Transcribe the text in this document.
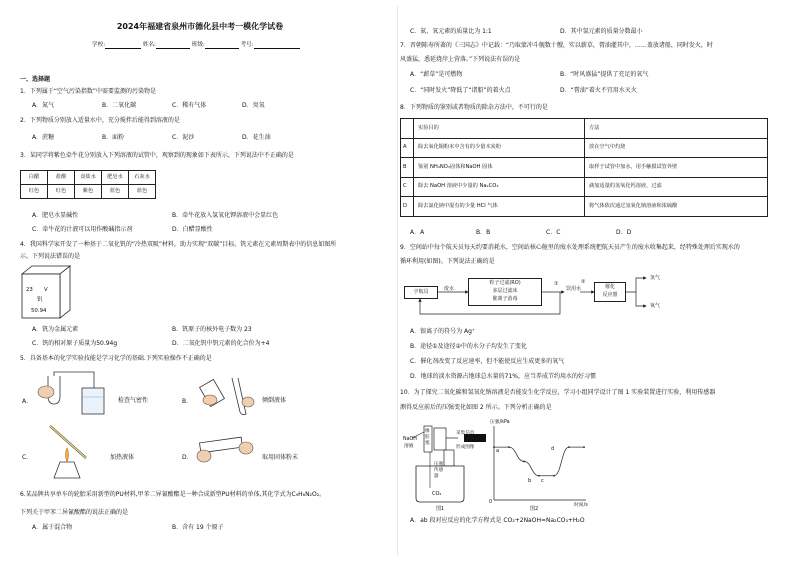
2024年福建省泉州市德化县中考一模化学试卷
学校:	姓名:	班级:	考号:
一、选择题
1．下列属于“空气污染指数”中需要监测的污染物是
A．氮气	B．二氧化碳	C．稀有气体	D．臭氧
2．下列物质分别放入适量水中，充分搅拌后能得到溶液的是
A．蔗糖	B．面粉	C．泥沙	D．花生油
3．某同学将紫色牵牛花分别放入下列溶液的试管中，观察到的现象如下表所示，下列说法中不正确的是
白醋	盐酸	食盐水	肥皂水	石灰水
红色	红色	紫色	蓝色	蓝色
A．肥皂水显碱性	B．牵牛花放入氢氧化钾溶液中会显红色
C．牵牛花的汁液可以用作酸碱指示剂	D．白醋显酸性
4．我国科学家开发了一种基于二氧化钒的“冷热双吸”材料，助力实现“双碳”目标。钒元素在元素周期表中的信息如图所
示。下列说法错误的是
23 V
钒
50.94
A．钒为金属元素	B．钒原子的核外电子数为 23
C．钒的相对原子质量为50.94g	D．二氧化钒中钒元素的化合价为+4
5．具备基本的化学实验技能是学习化学的基础.下列实验操作不正确的是
A．	检查气密性	B．	倾倒液体
C．	加热液体	D．	取用固体粉末
6.某品牌共享单车的轮胎采用新型的PU材料,甲苯二异氰酸酯是一种合成新型PU材料的单体,其化学式为C₉H₆N₂O₂。
下列关于甲苯二异氰酸酯的说法正确的是
A．属于混合物	B．含有 19 个原子
C．氮、氧元素的质量比为 1:1	D．其中氢元素的质量分数最小
7．晋朝陈寿所著的《三国志》中记载：“乃取蒙冲斗舰数十艘，实以薪草，膏油灌其中，……盖放诸船，同时发火，时
风盛猛，悉延烧岸上营落。”下列说法有误的是
A．“薪草”是可燃物	B．“时风盛猛”提供了充足的氧气
C．“同时发火”降低了“诸船”的着火点	D．“膏油”着火不宜用水灭火
8．下列物质的鉴别或者物质的除杂方法中，不可行的是
	实验目的	方法
A	除去氧化铜粉末中含有的少量木炭粉	放在空气中灼烧
B	鉴别 NH₄NO₃固体和NaOH 固体	取样于试管中加水，用手触摸试管外壁
C	除去 NaOH 溶液中少量的 Na₂CO₃	滴加适量的氢氧化钙溶液，过滤
D	除去氯化钠中混有的少量 HCl 气体	将气体依次通过氢氧化钠溶液和浓硫酸
A．A	B．B	C．C	D．D
9．空间站中每个航天员每天约要消耗水，空间站核心舱里的废水处理系统把航天员产生的废水收集起来，经特殊处理后实现水的
循环利用(如图)。下列说法正确的是
宇航员	废水
粒子过滤(RO)
多层过滤床
催离子消毒
①
饮用水	催化
反应器
②
氢气
氧气
A．银离子的符号为 Ag⁺
B．途径①及途径②中的水分子均发生了变化
C．催化剂改变了反应速率，但不能使反应生成更多的氧气
D．地球的淡水资源占地球总水量的71%，应当养成节约用水的好习惯
10．为了探究二氧化碳和氢氧化钠溶液是否能发生化学反应，学习小组同学设计了图 1 实验装置进行实验，利用传感器
测得反应前后的压强变化如图 2 所示。下列分析正确的是
NaOH
溶液
橡
胶
塞
采集信息
形成图像
压强
传感
器
CO₂
图1
压强/kPa
时间/s
0
图2
a
b c
d
A．ab 段对应反应的化学方程式是 CO₂+2NaOH=Na₂CO₃+H₂O
